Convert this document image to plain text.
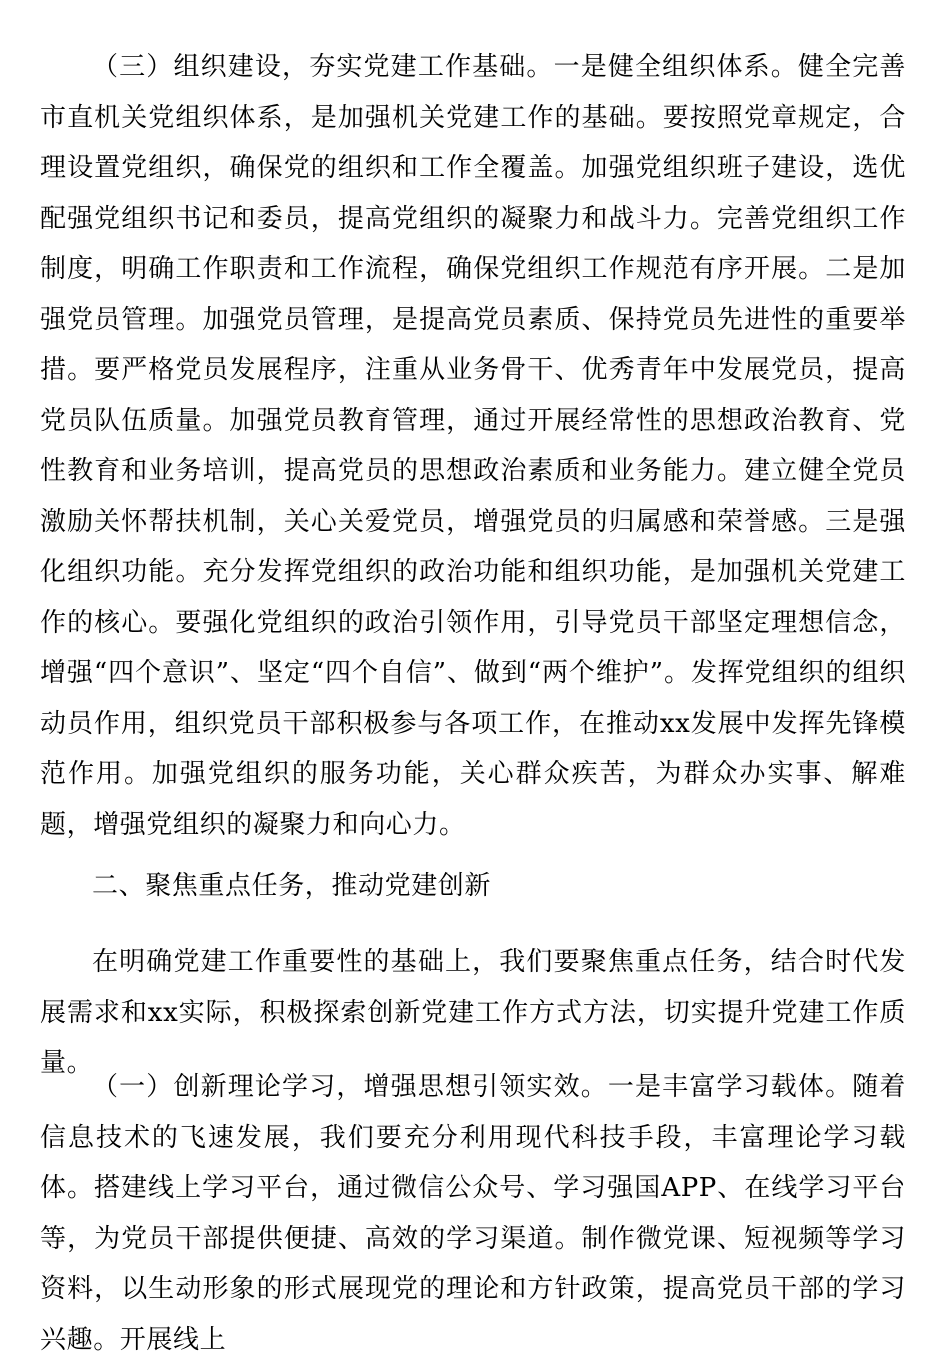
（三）组织建设，夯实党建工作基础。一是健全组织体系。健全完善市直机关党组织体系，是加强机关党建工作的基础。要按照党章规定，合理设置党组织，确保党的组织和工作全覆盖。加强党组织班子建设，选优配强党组织书记和委员，提高党组织的凝聚力和战斗力。完善党组织工作制度，明确工作职责和工作流程，确保党组织工作规范有序开展。二是加强党员管理。加强党员管理，是提高党员素质、保持党员先进性的重要举措。要严格党员发展程序，注重从业务骨干、优秀青年中发展党员，提高党员队伍质量。加强党员教育管理，通过开展经常性的思想政治教育、党性教育和业务培训，提高党员的思想政治素质和业务能力。建立健全党员激励关怀帮扶机制，关心关爱党员，增强党员的归属感和荣誉感。三是强化组织功能。充分发挥党组织的政治功能和组织功能，是加强机关党建工作的核心。要强化党组织的政治引领作用，引导党员干部坚定理想信念，增强“四个意识”、坚定“四个自信”、做到“两个维护”。发挥党组织的组织动员作用，组织党员干部积极参与各项工作，在推动xx发展中发挥先锋模范作用。加强党组织的服务功能，关心群众疾苦，为群众办实事、解难题，增强党组织的凝聚力和向心力。

二、聚焦重点任务，推动党建创新

在明确党建工作重要性的基础上，我们要聚焦重点任务，结合时代发展需求和xx实际，积极探索创新党建工作方式方法，切实提升党建工作质量。

（一）创新理论学习，增强思想引领实效。一是丰富学习载体。随着信息技术的飞速发展，我们要充分利用现代科技手段，丰富理论学习载体。搭建线上学习平台，通过微信公众号、学习强国APP、在线学习平台等，为党员干部提供便捷、高效的学习渠道。制作微党课、短视频等学习资料，以生动形象的形式展现党的理论和方针政策，提高党员干部的学习兴趣。开展线上
